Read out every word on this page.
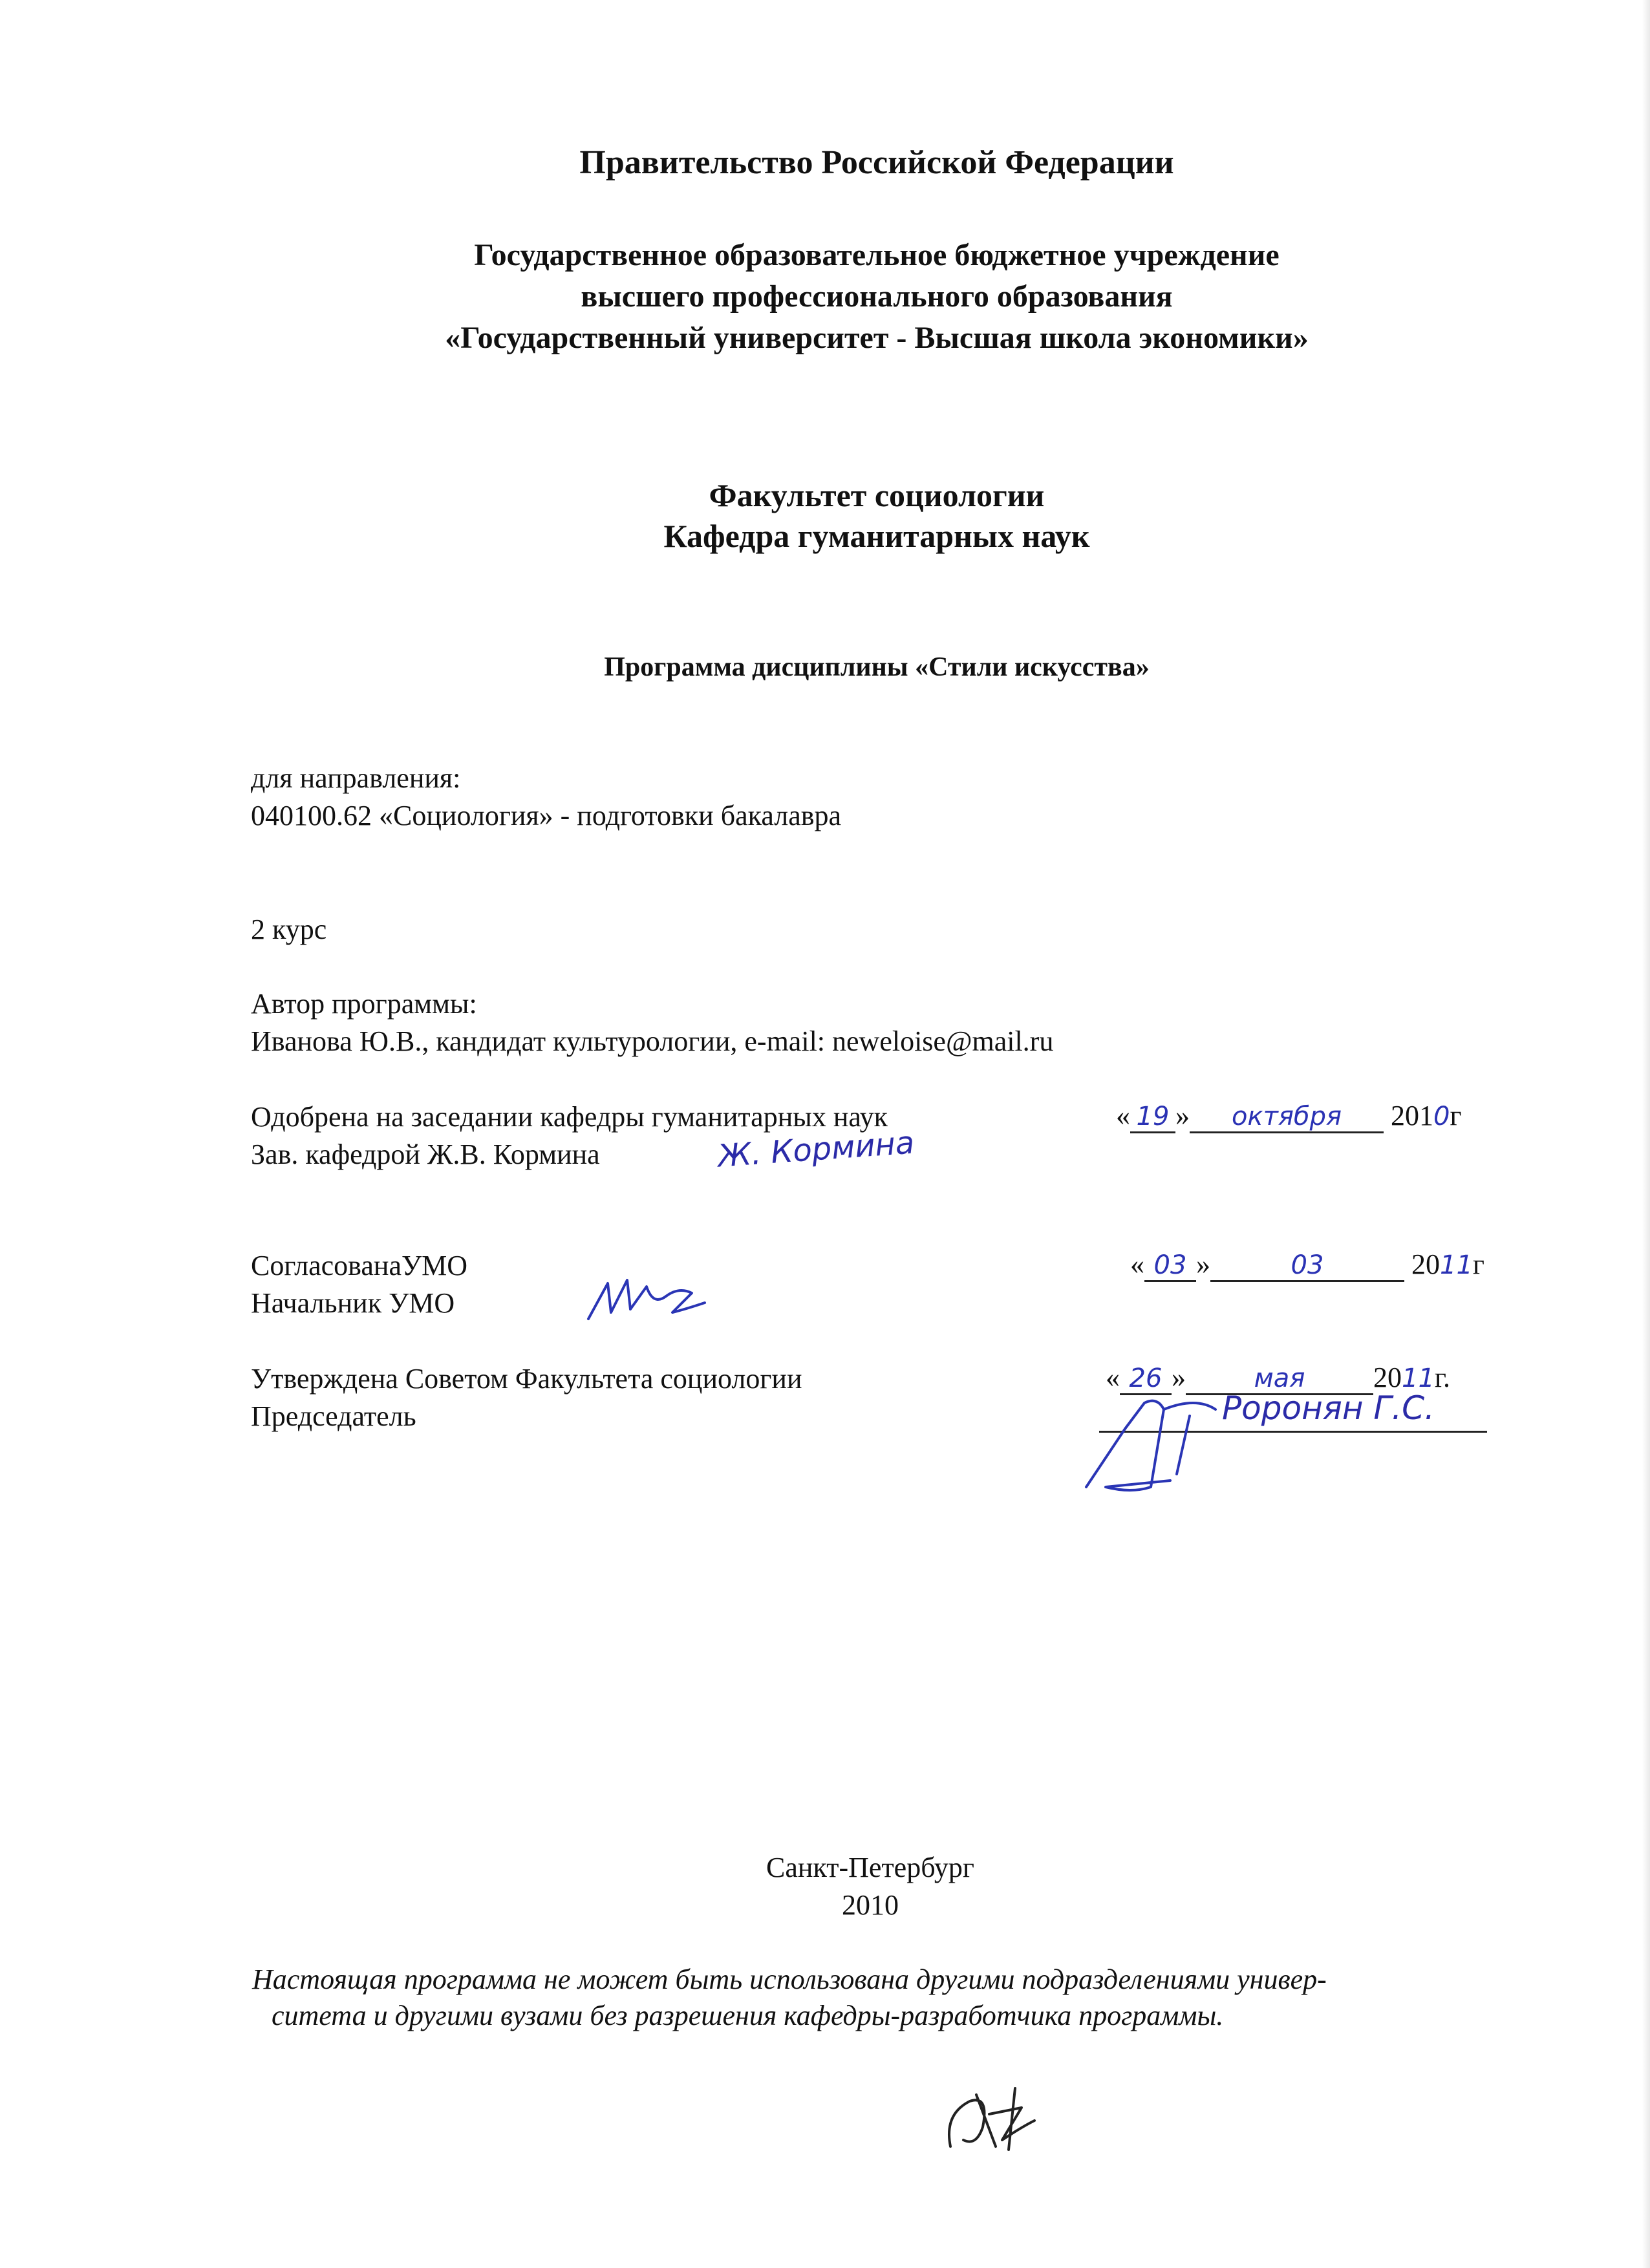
Правительство Российской Федерации
Государственное образовательное бюджетное учреждение
высшего профессионального образования
«Государственный университет - Высшая школа экономики»
Факультет социологии
Кафедра гуманитарных наук
Программа дисциплины «Стили искусства»
для направления:
040100.62 «Социология» - подготовки бакалавра
2 курс
Автор программы:
Иванова Ю.В., кандидат культурологии, e-mail: neweloise@mail.ru
Одобрена на заседании кафедры гуманитарных наук
Зав. кафедрой Ж.В. Кормина
« 19 » октября 2010г
Ж. Кормина
СогласованаУМО
Начальник УМО
« 03 »	03	2011г
Утверждена Советом Факультета социологии
Председатель
« 26 »	мая 2011г.
Роронян Г.С.
Санкт-Петербург
2010
Настоящая программа не может быть использована другими подразделениями универ-
ситета и другими вузами без разрешения кафедры-разработчика программы.
